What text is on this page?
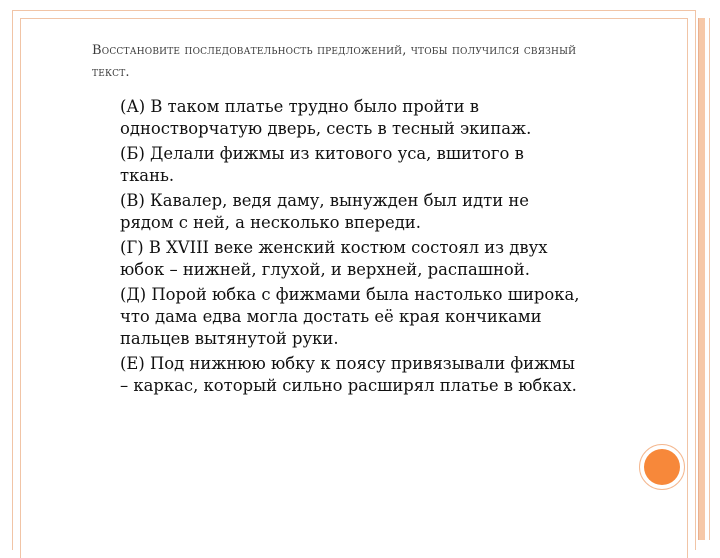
Восстановите последовательность предложений, чтобы получился связный текст.

(А) В таком платье трудно было пройти в одностворчатую дверь, сесть в тесный экипаж.

(Б) Делали фижмы из китового уса, вшитого в ткань.

(В) Кавалер, ведя даму, вынужден был идти не рядом с ней, а несколько впереди.

(Г) В XVIII веке женский костюм состоял из двух юбок – нижней, глухой, и верхней, распашной.

(Д) Порой юбка с фижмами была настолько широка, что дама едва могла достать её края кончиками пальцев вытянутой руки.

(Е) Под нижнюю юбку к поясу привязывали фижмы – каркас, который сильно расширял платье в юбках.
